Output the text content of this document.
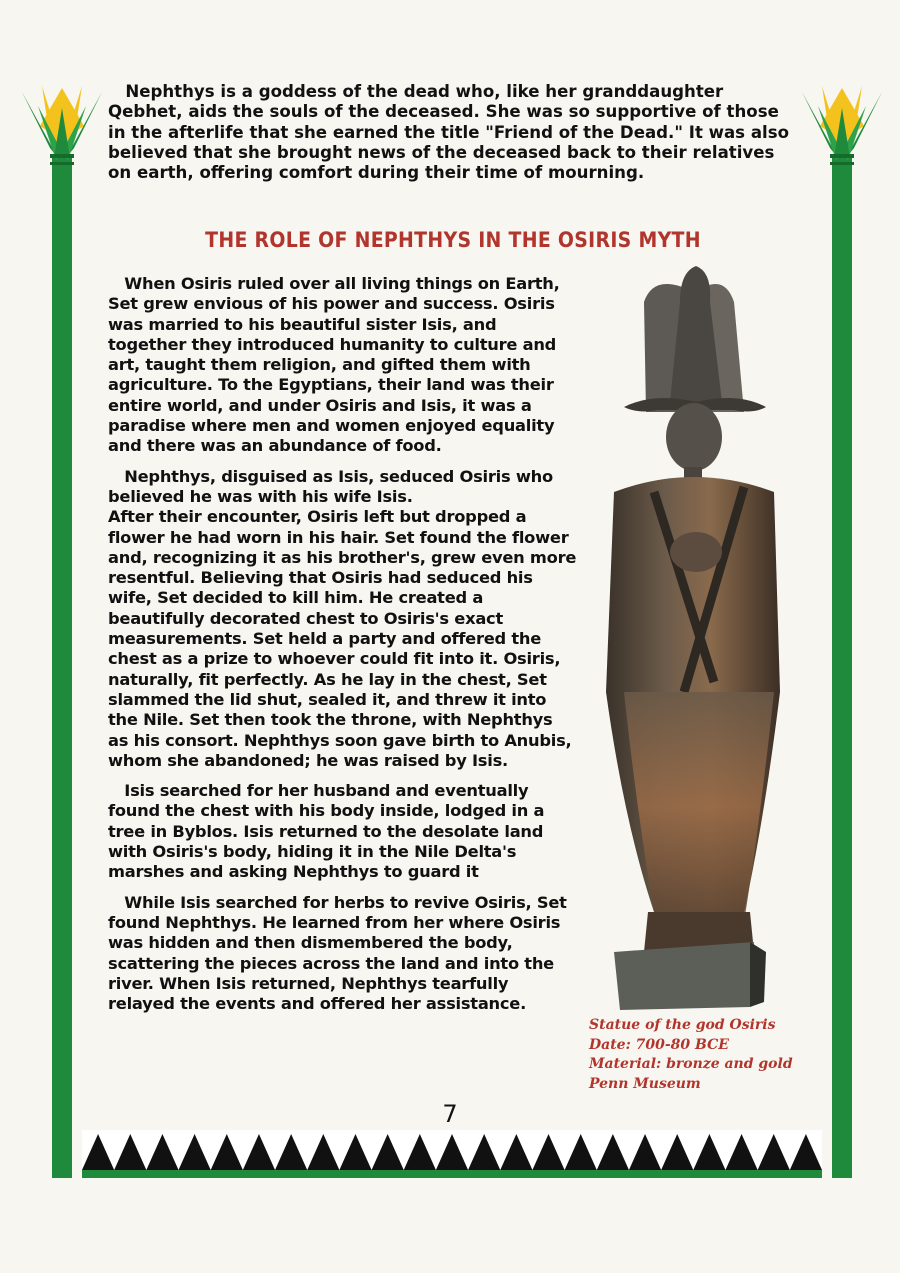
Nephthys is a goddess of the dead who, like her granddaughter Qebhet, aids the souls of the deceased. She was so supportive of those in the afterlife that she earned the title "Friend of the Dead." It was also believed that she brought news of the deceased back to their relatives on earth, offering comfort during their time of mourning.

THE ROLE OF NEPHTHYS IN THE OSIRIS MYTH

When Osiris ruled over all living things on Earth, Set grew envious of his power and success. Osiris was married to his beautiful sister Isis, and together they introduced humanity to culture and art, taught them religion, and gifted them with agriculture. To the Egyptians, their land was their entire world, and under Osiris and Isis, it was a paradise where men and women enjoyed equality and there was an abundance of food.

Nephthys, disguised as Isis, seduced Osiris who believed he was with his wife Isis.

After their encounter, Osiris left but dropped a flower he had worn in his hair. Set found the flower and, recognizing it as his brother's, grew even more resentful. Believing that Osiris had seduced his wife, Set decided to kill him. He created a beautifully decorated chest to Osiris's exact measurements. Set held a party and offered the chest as a prize to whoever could fit into it. Osiris, naturally, fit perfectly. As he lay in the chest, Set slammed the lid shut, sealed it, and threw it into the Nile. Set then took the throne, with Nephthys as his consort. Nephthys soon gave birth to Anubis, whom she abandoned; he was raised by Isis.

Isis searched for her husband and eventually found the chest with his body inside, lodged in a tree in Byblos. Isis returned to the desolate land with Osiris's body, hiding it in the Nile Delta's marshes and asking Nephthys to guard it

While Isis searched for herbs to revive Osiris, Set found Nephthys. He learned from her where Osiris was hidden and then dismembered the body, scattering the pieces across the land and into the river. When Isis returned, Nephthys tearfully relayed the events and offered her assistance.

Statue of the god Osiris
Date: 700-80 BCE
Material: bronze and gold
Penn Museum
7
